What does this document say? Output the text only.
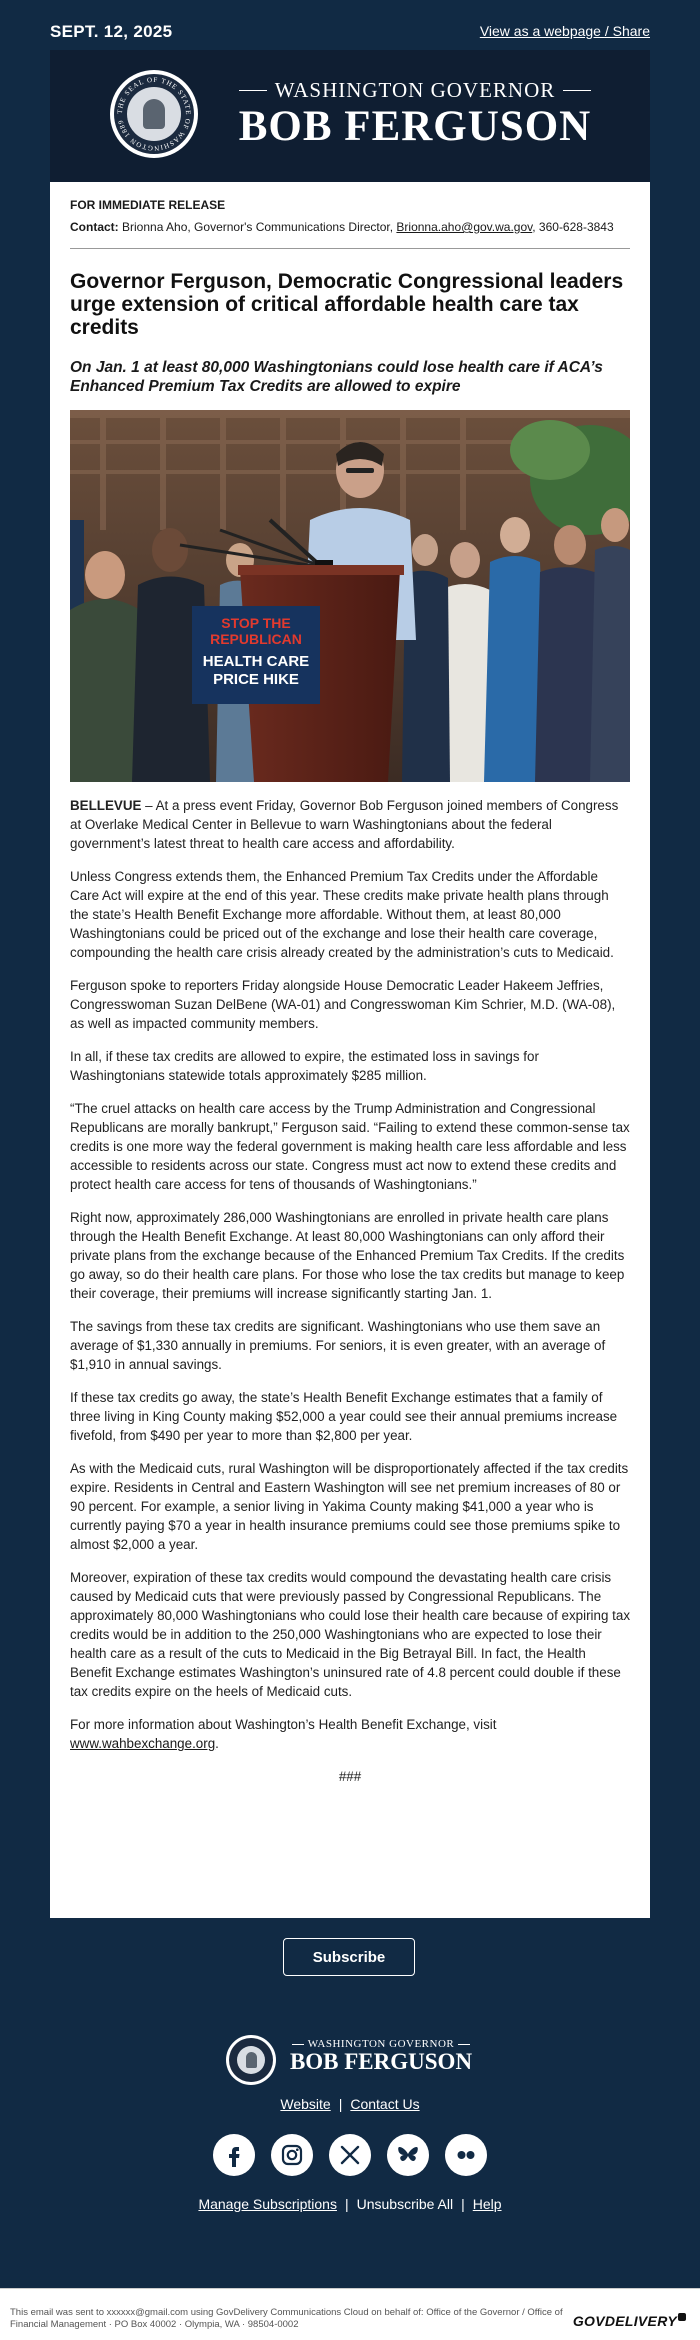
SEPT. 12, 2025	View as a webpage / Share
THE SEAL OF THE STATE OF WASHINGTON 1889
WASHINGTON GOVERNOR
BOB FERGUSON
FOR IMMEDIATE RELEASE
Contact: Brionna Aho, Governor's Communications Director, Brionna.aho@gov.wa.gov, 360-628-3843
Governor Ferguson, Democratic Congressional leaders urge extension of critical affordable health care tax credits
On Jan. 1 at least 80,000 Washingtonians could lose health care if ACA’s Enhanced Premium Tax Credits are allowed to expire
STOP THE
REPUBLICAN
HEALTH CARE
PRICE HIKE

BELLEVUE – At a press event Friday, Governor Bob Ferguson joined members of Congress at Overlake Medical Center in Bellevue to warn Washingtonians about the federal government’s latest threat to health care access and affordability.

Unless Congress extends them, the Enhanced Premium Tax Credits under the Affordable Care Act will expire at the end of this year. These credits make private health plans through the state’s Health Benefit Exchange more affordable. Without them, at least 80,000 Washingtonians could be priced out of the exchange and lose their health care coverage, compounding the health care crisis already created by the administration’s cuts to Medicaid.

Ferguson spoke to reporters Friday alongside House Democratic Leader Hakeem Jeffries, Congresswoman Suzan DelBene (WA-01) and Congresswoman Kim Schrier, M.D. (WA-08), as well as impacted community members.

In all, if these tax credits are allowed to expire, the estimated loss in savings for Washingtonians statewide totals approximately $285 million.

“The cruel attacks on health care access by the Trump Administration and Congressional Republicans are morally bankrupt,” Ferguson said. “Failing to extend these common-sense tax credits is one more way the federal government is making health care less affordable and less accessible to residents across our state. Congress must act now to extend these credits and protect health care access for tens of thousands of Washingtonians.”

Right now, approximately 286,000 Washingtonians are enrolled in private health care plans through the Health Benefit Exchange. At least 80,000 Washingtonians can only afford their private plans from the exchange because of the Enhanced Premium Tax Credits. If the credits go away, so do their health care plans. For those who lose the tax credits but manage to keep their coverage, their premiums will increase significantly starting Jan. 1.

The savings from these tax credits are significant. Washingtonians who use them save an average of $1,330 annually in premiums. For seniors, it is even greater, with an average of $1,910 in annual savings.

If these tax credits go away, the state’s Health Benefit Exchange estimates that a family of three living in King County making $52,000 a year could see their annual premiums increase fivefold, from $490 per year to more than $2,800 per year.

As with the Medicaid cuts, rural Washington will be disproportionately affected if the tax credits expire. Residents in Central and Eastern Washington will see net premium increases of 80 or 90 percent. For example, a senior living in Yakima County making $41,000 a year who is currently paying $70 a year in health insurance premiums could see those premiums spike to almost $2,000 a year.

Moreover, expiration of these tax credits would compound the devastating health care crisis caused by Medicaid cuts that were previously passed by Congressional Republicans. The approximately 80,000 Washingtonians who could lose their health care because of expiring tax credits would be in addition to the 250,000 Washingtonians who are expected to lose their health care as a result of the cuts to Medicaid in the Big Betrayal Bill. In fact, the Health Benefit Exchange estimates Washington’s uninsured rate of 4.8 percent could double if these tax credits expire on the heels of Medicaid cuts.

For more information about Washington’s Health Benefit Exchange, visit www.wahbexchange.org.

###

Subscribe
WASHINGTON GOVERNOR
BOB FERGUSON
Website | Contact Us
Manage Subscriptions | Unsubscribe All | Help
This email was sent to xxxxxx@gmail.com using GovDelivery Communications Cloud on behalf of: Office of the Governor / Office of Financial Management · PO Box 40002 · Olympia, WA · 98504-0002	GOVDELIVERY
